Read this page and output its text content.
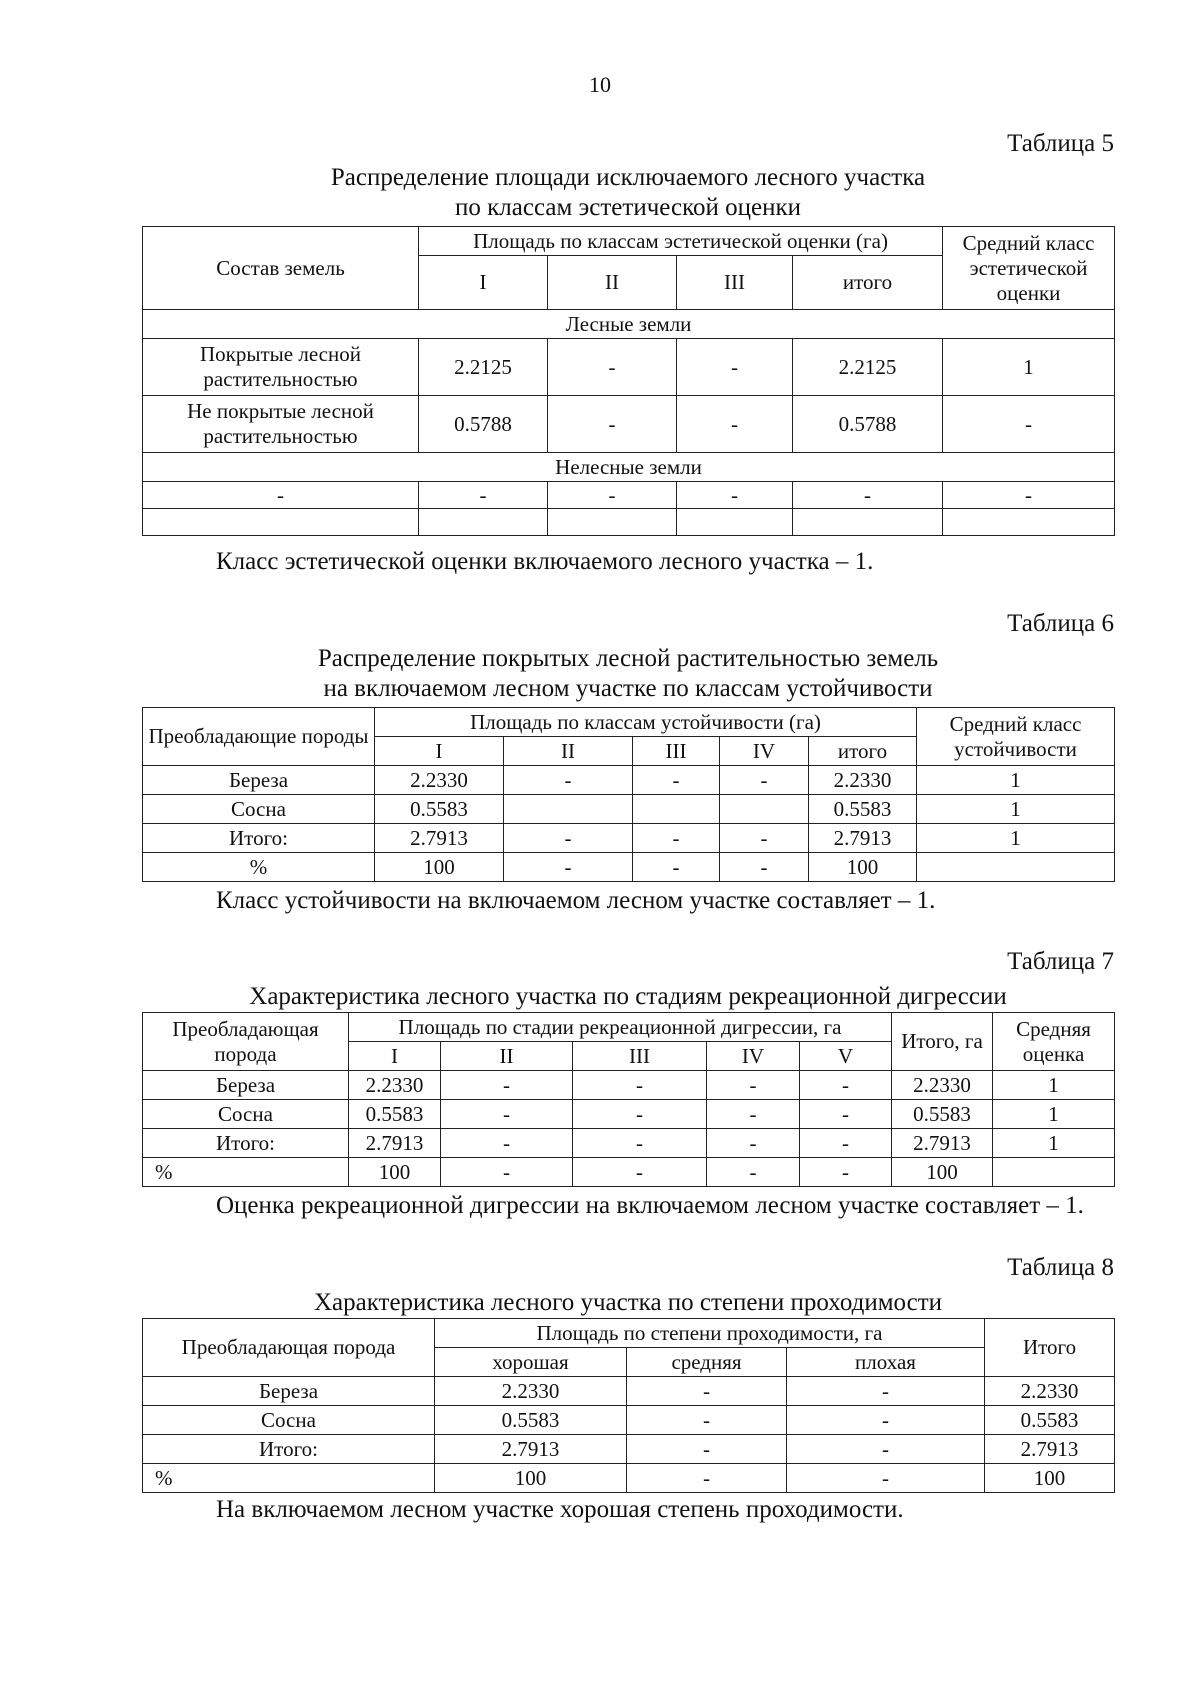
10
Таблица 5
Распределение площади исключаемого лесного участка
по классам эстетической оценки
Состав земель	Площадь по классам эстетической оценки (га)				Средний класс эстетической оценки
	I	II	III	итого	
Лесные земли					
Покрытые лесной растительностью	2.2125	-	-	2.2125	1
Не покрытые лесной растительностью	0.5788	-	-	0.5788	-
Нелесные земли					
-	-	-	-	-	-

Класс эстетической оценки включаемого лесного участка – 1.
Таблица 6
Распределение покрытых лесной растительностью земель
на включаемом лесном участке по классам устойчивости
Преобладающие породы	Площадь по классам устойчивости (га)					Средний класс устойчивости
	I	II	III	IV	итого	
Береза	2.2330	-	-	-	2.2330	1
Сосна	0.5583				0.5583	1
Итого:	2.7913	-	-	-	2.7913	1
%	100	-	-	-	100	
Класс устойчивости на включаемом лесном участке составляет – 1.
Таблица 7
Характеристика лесного участка по стадиям рекреационной дигрессии
Преобладающая порода	Площадь по стадии рекреационной дигрессии, га					Итого, га	Средняя оценка
	I	II	III	IV	V		
Береза	2.2330	-	-	-	-	2.2330	1
Сосна	0.5583	-	-	-	-	0.5583	1
Итого:	2.7913	-	-	-	-	2.7913	1
%	100	-	-	-	-	100	
Оценка рекреационной дигрессии на включаемом лесном участке составляет – 1.
Таблица 8
Характеристика лесного участка по степени проходимости
Преобладающая порода	Площадь по степени проходимости, га			Итого
	хорошая	средняя	плохая	
Береза	2.2330	-	-	2.2330
Сосна	0.5583	-	-	0.5583
Итого:	2.7913	-	-	2.7913
%	100	-	-	100
На включаемом лесном участке хорошая степень проходимости.
